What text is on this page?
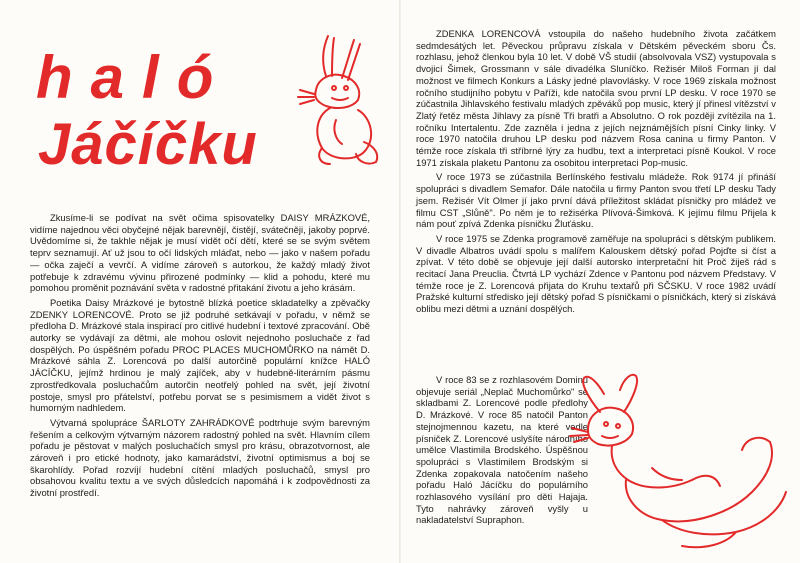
haló
Jáčíčku

Zkusíme-li se podívat na svět očima spisovatelky DAISY MRÁZKOVÉ, vidíme najednou věci obyčejné nějak barevnějí, čistějí, svátečněji, jakoby poprvé. Uvědomíme si, že takhle nějak je musí vidět očí dětí, které se se svým světem teprv seznamují. Ať už jsou to očí lidských mláďat, nebo — jako v našem pořadu — očka zaječí a vevrčí. A vidíme zároveň s autorkou, že každý mladý život potřebuje k zdravému vývinu přirozené podmínky — klid a pohodu, které mu pomohou proměnit poznávání světa v radostné přitakání životu a jeho krásám.

Poetika Daisy Mrázkové je bytostně blízká poetice skladatelky a zpěvačky ZDENKY LORENCOVÉ. Proto se již podruhé setkávají v pořadu, v němž se předloha D. Mrázkové stala inspirací pro citlivé hudební i textové zpracování. Obě autorky se vydávají za dětmi, ale mohou oslovit nejednoho posluchače z řad dospělých. Po úspěšném pořadu PROC PLACES MUCHOMŮRKO na námět D. Mrázkové sáhla Z. Lorencová po další autorčině populární knížce HALÓ JÁCÍČKU, jejímž hrdinou je malý zajíček, aby v hudebně-literárním pásmu zprostředkovala posluchačům autorčin neotřelý pohled na svět, její životní postoje, smysl pro přátelství, potřebu porvat se s pesimismem a vidět život s humorným nadhledem.

Výtvarná spolupráce ŠARLOTY ZAHRÁDKOVÉ podtrhuje svým barevným řešením a celkovým výtvarným názorem radostný pohled na svět. Hlavním cílem pořadu je pěstovat v malých posluchačích smysl pro krásu, obrazotvornost, ale zároveň i pro etické hodnoty, jako kamarádství, životní optimismus a boj se škarohlídy. Pořad rozvíjí hudební cítění mladých posluchačů, smysl pro obsahovou kvalitu textu a ve svých důsledcích napomáhá i k zodpovědnosti za životní prostředí.

ZDENKA LORENCOVÁ vstoupila do našeho hudebního života začátkem sedmdesátých let. Pěveckou průpravu získala v Dětském pěveckém sboru Čs. rozhlasu, jehož členkou byla 10 let. V době VŠ studií (absolvovala VSZ) vystupovala s dvojicí Šimek, Grossmann v sále divadélka Sluníčko. Režisér Miloš Forman jí dal možnost ve filmech Konkurs a Lásky jedné plavovlásky. V roce 1969 získala možnost ročního studijního pobytu v Paříži, kde natočila svou první LP desku. V roce 1970 se zúčastnila Jihlavského festivalu mladých zpěváků pop music, který jí přinesl vítězství v Zlatý řetěz města Jihlavy za písně Tři bratři a Absolutno. O rok později zvítězila na 1. ročníku Intertalentu. Zde zazněla i jedna z jejích nejznámějších písní Cinky linky. V roce 1970 natočila druhou LP desku pod názvem Rosa canina u firmy Panton. V témže roce získala tři stříbrné lýry za hudbu, text a interpretaci písně Koukol. V roce 1971 získala plaketu Pantonu za osobitou interpretaci Pop-music.

V roce 1973 se zúčastnila Berlínského festivalu mládeže. Rok 9174 jí přináší spolupráci s divadlem Semafor. Dále natočila u firmy Panton svou třetí LP desku Tady jsem. Režisér Vít Olmer jí jako první dává příležitost skládat písničky pro mládež ve filmu CST „Slůně". Po něm je to režisérka Plívová-Šimková. K jejímu filmu Přijela k nám pouť zpívá Zdenka písničku Žluťásku.

V roce 1975 se Zdenka programově zaměřuje na spolupráci s dětským publikem. V divadle Albatros uvádí spolu s malířem Kalouskem dětský pořad Pojďte si číst a zpívat. V této době se objevuje její další autorsko interpretační hit Proč žiješ rád s recitací Jana Preuclia. Čtvrtá LP vychází Zdence v Pantonu pod názvem Představy. V témže roce je Z. Lorencová přijata do Kruhu textařů při SČSKU. V roce 1982 uvádí Pražské kulturní středisko její dětský pořad S písničkami o písničkách, který si získává oblibu mezi dětmi a uznání dospělých.

V roce 83 se z rozhlasovém Dominu objevuje seriál „Neplač Muchomůrko" se skladbami Z. Lorencové podle předlohy D. Mrázkové. V roce 85 natočil Panton stejnojmennou kazetu, na které vedle písniček Z. Lorencové uslyšíte národního umělce Vlastimila Brodského. Úspěšnou spolupráci s Vlastimilem Brodským si Zdenka zopakovala natočením našeho pořadu Haló Jácíčku do populárního rozhlasového vysílání pro děti Hajaja. Tyto nahrávky zároveň vyšly u nakladatelství Supraphon.
